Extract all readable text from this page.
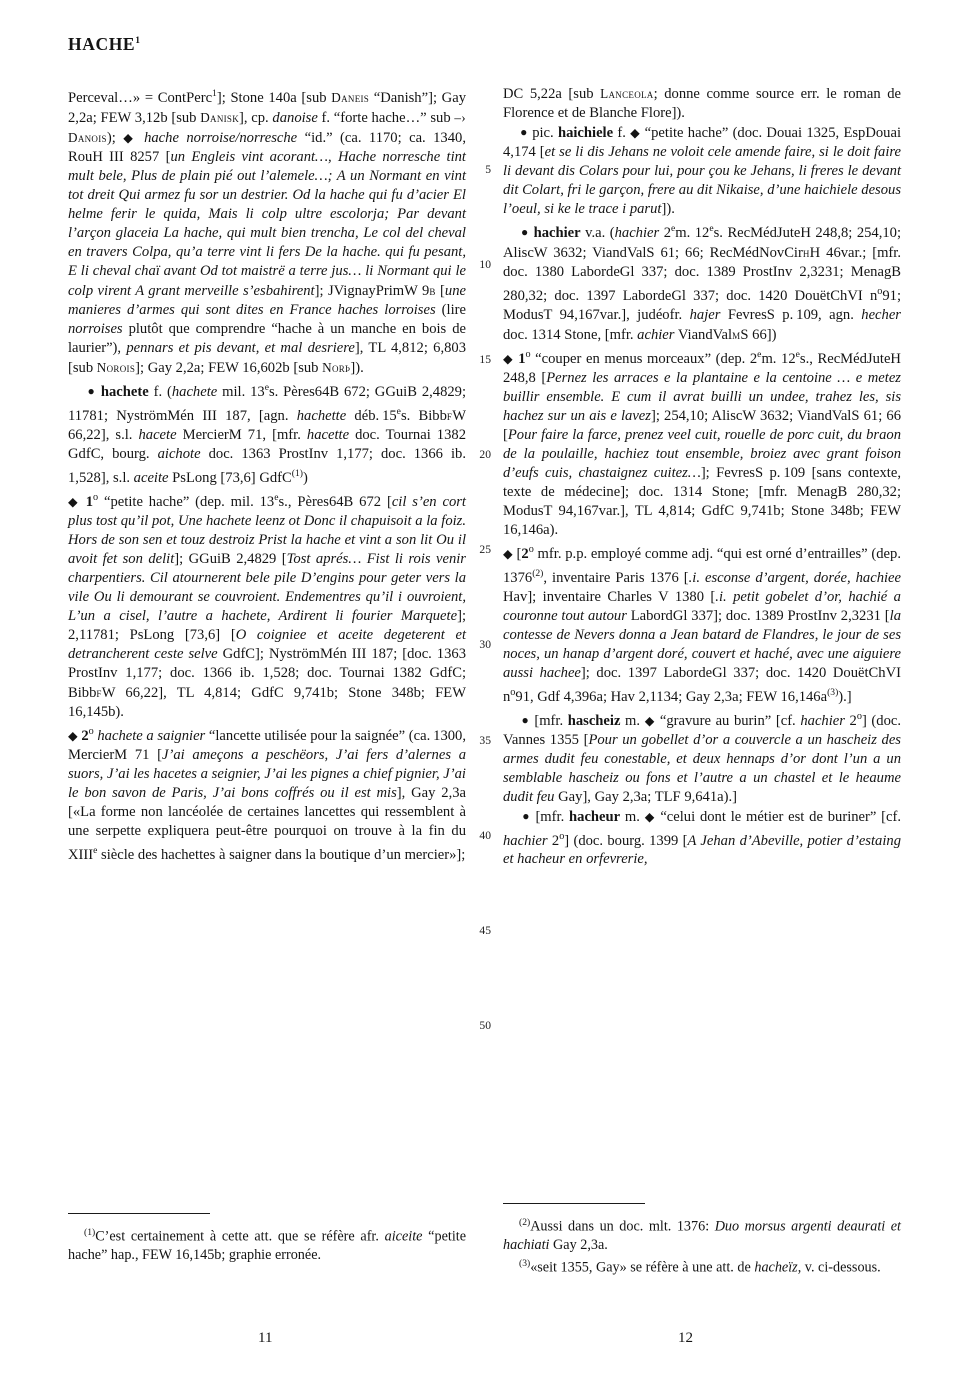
HACHE$^1$

Perceval…» = ContPerc$^1$]; Stone 140a [sub Daneis “Danish”]; Gay 2,2a; FEW 3,12b [sub Danisk], cp. danoise f. “forte hache…” sub –› Danois); ◆ hache norroise/norresche “id.” (ca. 1170; ca. 1340, RouH III 8257 [un Engleis vint acorant…, Hache norresche tint mult bele, Plus de plain pié out l’alemele…; A un Normant en vint tot dreit Qui armez fu sor un destrier. Od la hache qui fu d’acier El helme ferir le quida, Mais li colp ultre escolorja; Par devant l’arçon glaceia La hache, qui mult bien trencha, Le col del cheval en travers Colpa, qu’a terre vint li fers De la hache. qui fu pesant, E li cheval chaï avant Od tot maistrë a terre jus… li Normant qui le colp virent A grant merveille s’esbahirent]; JVignayPrimW 9b [une manieres d’armes qui sont dites en France haches lorroises (lire norroises plutôt que comprendre “hache à un manche en bois de laurier”), pennars et pis devant, et mal desriere], TL 4,812; 6,803 [sub Norois]; Gay 2,2a; FEW 16,602b [sub Norþ]).

● hachete f. (hachete mil. 13es. Pères64B 672; GGuiB 2,4829; 11781; NyströmMén III 187, [agn. hachette déb. 15es. BibbfW 66,22], s.l. hacete MercierM 71, [mfr. hacette doc. Tournai 1382 GdfC, bourg. aichote doc. 1363 ProstInv 1,177; doc. 1366 ib. 1,528], s.l. aceite PsLong [73,6] GdfC$^{(1)}$)

◆ 1$^o$ “petite hache” (dep. mil. 13es., Pères64B 672 [cil s’en cort plus tost qu’il pot, Une hachete leenz ot Donc il chapuisoit a la foiz. Hors de son sen et touz destroiz Prist la hache et vint a son lit Ou il avoit fet son delit]; GGuiB 2,4829 [Tost aprés… Fist li rois venir charpentiers. Cil atournerent bele pile D’engins pour geter vers la vile Ou li demourant se couvroient. Endementres qu’il i ouvroient, L’un a cisel, l’autre a hachete, Ardirent li fourier Marquete]; 2,11781; PsLong [73,6] [O coigniee et aceite degeterent et detrancherent ceste selve GdfC]; NyströmMén III 187; [doc. 1363 ProstInv 1,177; doc. 1366 ib. 1,528; doc. Tournai 1382 GdfC; BibbfW 66,22], TL 4,814; GdfC 9,741b; Stone 348b; FEW 16,145b).

◆ 2$^o$ hachete a saignier “lancette utilisée pour la saignée” (ca. 1300, MercierM 71 [J’ai ameçons a peschëors, J’ai fers d’alernes a suors, J’ai les hacetes a seignier, J’ai les pignes a chief pignier, J’ai le bon savon de Paris, J’ai bons coffrés ou il est mis], Gay 2,3a [«La forme non lancéolée de certaines lancettes qui ressemblent à une serpette expliquera peut-être pourquoi on trouve à la fin du XIIIe siècle des hachettes à saigner dans la boutique d’un mercier»];

DC 5,22a [sub Lanceola; donne comme source err. le roman de Florence et de Blanche Flore]).

● pic. haichiele f. ◆ “petite hache” (doc. Douai 1325, EspDouai 4,174 [et se li dis Jehans ne voloit cele amende faire, si le doit faire li devant dis Colars pour lui, pour çou ke Jehans, li freres le devant dit Colart, fri le garçon, frere au dit Nikaise, d’une haichiele desous l’oeul, si ke le trace i parut]).

● hachier v.a. (hachier 2em. 12es. RecMédJuteH 248,8; 254,10; AliscW 3632; ViandValS 61; 66; RecMédNovCirhH 46var.; [mfr. doc. 1380 LabordeGl 337; doc. 1389 ProstInv 2,3231; MenagB 280,32; doc. 1397 LabordeGl 337; doc. 1420 DouëtChVI $n^o91$; ModusT 94,167var.], judéofr. hajer FevresS p. 109, agn. hecher doc. 1314 Stone, [mfr. achier ViandValmS 66])

◆ 1$^o$ “couper en menus morceaux” (dep. 2em. 12es., RecMédJuteH 248,8 [Pernez les arraces e la plantaine e la centoine … e metez buillir ensemble. E cum il avrat builli un undee, trahez les, sis hachez sur un ais e lavez]; 254,10; AliscW 3632; ViandValS 61; 66 [Pour faire la farce, prenez veel cuit, rouelle de porc cuit, du braon de la poulaille, hachiez tout ensemble, broiez avec grant foison d’eufs cuis, chastaignez cuitez…]; FevresS p. 109 [sans contexte, texte de médecine]; doc. 1314 Stone; [mfr. MenagB 280,32; ModusT 94,167var.], TL 4,814; GdfC 9,741b; Stone 348b; FEW 16,146a).

◆ [2$^o$ mfr. p.p. employé comme adj. “qui est orné d’entrailles” (dep. 1376$^{(2)}$, inventaire Paris 1376 [.i. esconse d’argent, dorée, hachiee Hav]; inventaire Charles V 1380 [.i. petit gobelet d’or, hachié a couronne tout autour LabordGl 337]; doc. 1389 ProstInv 2,3231 [la contesse de Nevers donna a Jean batard de Flandres, le jour de ses noces, un hanap d’argent doré, couvert et haché, avec une aiguiere aussi hachee]; doc. 1397 LabordeGl 337; doc. 1420 DouëtChVI $n^o91$, Gdf 4,396a; Hav 2,1134; Gay 2,3a; FEW $16,146a^{(3)}$).]

● [mfr. hascheiz m. ◆ “gravure au burin” [cf. hachier 2$^o$] (doc. Vannes 1355 [Pour un gobellet d’or a couvercle a un hascheiz des armes dudit feu conestable, et deux hennaps d’or dont l’un a un semblable hascheiz ou fons et l’autre a un chastel et le heaume dudit feu Gay], Gay 2,3a; TLF 9,641a).]

● [mfr. hacheur m. ◆ “celui dont le métier est de buriner” [cf. hachier 2$^o$] (doc. bourg. 1399 [A Jehan d’Abeville, potier d’estaing et hacheur en orfevrerie,

5
10
15
20
25
30
35
40
45
50

$^{(1)}$C’est certainement à cette att. que se réfère afr. aiceite “petite hache” hap., FEW 16,145b; graphie erronée.

$^{(2)}$Aussi dans un doc. mlt. 1376: Duo morsus argenti deaurati et hachiati Gay 2,3a.

$^{(3)}$«seit 1355, Gay» se réfère à une att. de hacheïz, v. ci-dessous.

11	12
